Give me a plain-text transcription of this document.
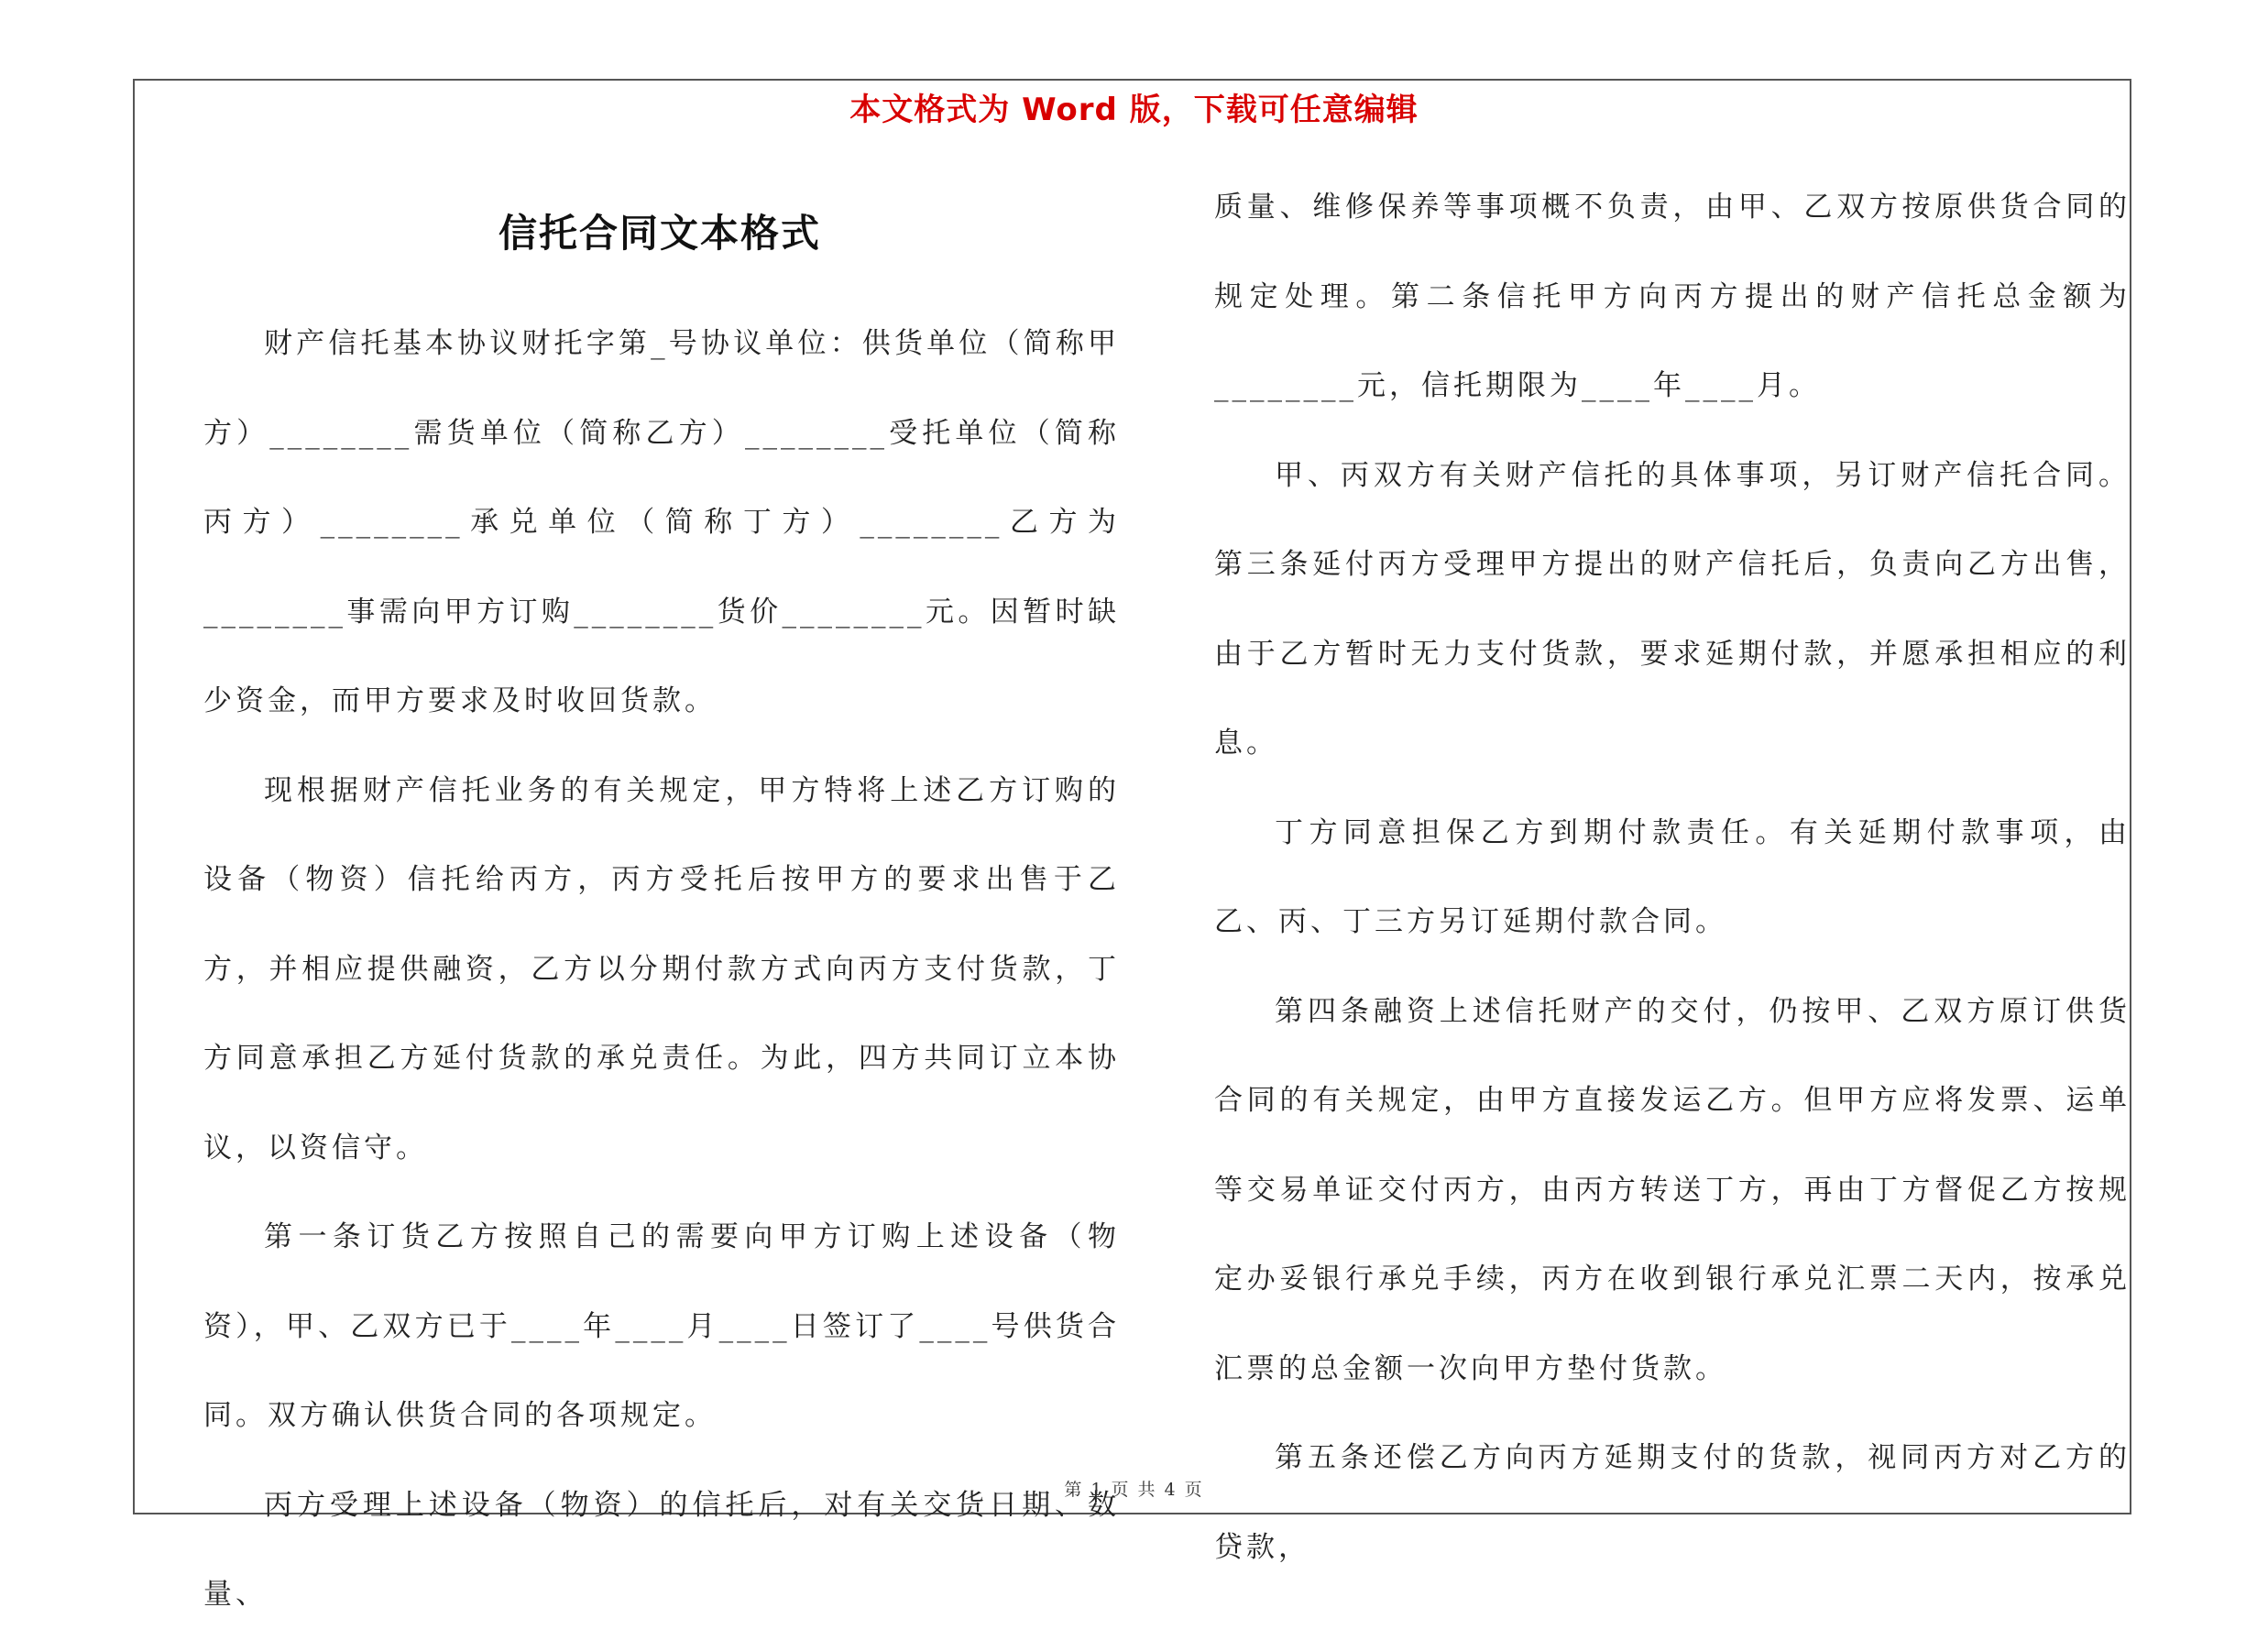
本文格式为 Word 版，下载可任意编辑
信托合同文本格式

财产信托基本协议财托字第_号协议单位：供货单位（简称甲方）________需货单位（简称乙方）________受托单位（简称丙方）________承兑单位（简称丁方）________乙方为________事需向甲方订购________货价________元。因暂时缺少资金，而甲方要求及时收回货款。

现根据财产信托业务的有关规定，甲方特将上述乙方订购的设备（物资）信托给丙方，丙方受托后按甲方的要求出售于乙方，并相应提供融资，乙方以分期付款方式向丙方支付货款，丁方同意承担乙方延付货款的承兑责任。为此，四方共同订立本协议，以资信守。

第一条订货乙方按照自己的需要向甲方订购上述设备（物资），甲、乙双方已于____年____月____日签订了____号供货合同。双方确认供货合同的各项规定。

丙方受理上述设备（物资）的信托后，对有关交货日期、数量、

质量、维修保养等事项概不负责，由甲、乙双方按原供货合同的规定处理。第二条信托甲方向丙方提出的财产信托总金额为________元，信托期限为____年____月。

甲、丙双方有关财产信托的具体事项，另订财产信托合同。第三条延付丙方受理甲方提出的财产信托后，负责向乙方出售，由于乙方暂时无力支付货款，要求延期付款，并愿承担相应的利息。

丁方同意担保乙方到期付款责任。有关延期付款事项，由乙、丙、丁三方另订延期付款合同。

第四条融资上述信托财产的交付，仍按甲、乙双方原订供货合同的有关规定，由甲方直接发运乙方。但甲方应将发票、运单等交易单证交付丙方，由丙方转送丁方，再由丁方督促乙方按规定办妥银行承兑手续，丙方在收到银行承兑汇票二天内，按承兑汇票的总金额一次向甲方垫付货款。

第五条还偿乙方向丙方延期支付的货款，视同丙方对乙方的贷款，

第 1 页 共 4 页
